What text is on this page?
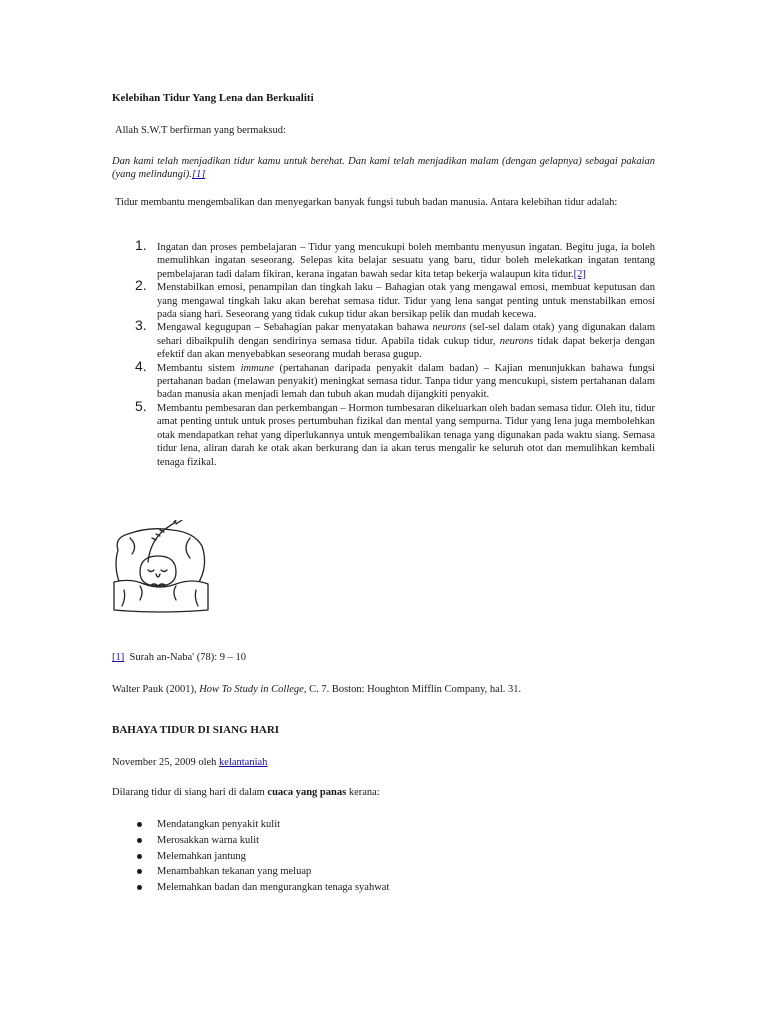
Kelebihan Tidur Yang Lena dan Berkualiti
Allah S.W.T berfirman yang bermaksud:
Dan kami telah menjadikan tidur kamu untuk berehat. Dan kami telah menjadikan malam (dengan gelapnya) sebagai pakaian (yang melindungi).[1]
Tidur membantu mengembalikan dan menyegarkan banyak fungsi tubuh badan manusia. Antara kelebihan tidur adalah:
1. Ingatan dan proses pembelajaran – Tidur yang mencukupi boleh membantu menyusun ingatan. Begitu juga, ia boleh memulihkan ingatan seseorang. Selepas kita belajar sesuatu yang baru, tidur boleh melekatkan ingatan tentang pembelajaran tadi dalam fikiran, kerana ingatan bawah sedar kita tetap bekerja walaupun kita tidur.[2]
2. Menstabilkan emosi, penampilan dan tingkah laku – Bahagian otak yang mengawal emosi, membuat keputusan dan yang mengawal tingkah laku akan berehat semasa tidur. Tidur yang lena sangat penting untuk menstabilkan emosi pada siang hari. Seseorang yang tidak cukup tidur akan bersikap pelik dan mudah kecewa.
3. Mengawal kegugupan – Sebahagian pakar menyatakan bahawa neurons (sel-sel dalam otak) yang digunakan dalam sehari dibaikpulih dengan sendirinya semasa tidur. Apabila tidak cukup tidur, neurons tidak dapat bekerja dengan efektif dan akan menyebabkan seseorang mudah berasa gugup.
4. Membantu sistem immune (pertahanan daripada penyakit dalam badan) – Kajian menunjukkan bahawa fungsi pertahanan badan (melawan penyakit) meningkat semasa tidur. Tanpa tidur yang mencukupi, sistem pertahanan dalam badan manusia akan menjadi lemah dan tubuh akan mudah dijangkiti penyakit.
5. Membantu pembesaran dan perkembangan – Hormon tumbesaran dikeluarkan oleh badan semasa tidur. Oleh itu, tidur amat penting untuk untuk proses pertumbuhan fizikal dan mental yang sempurna. Tidur yang lena juga membolehkan otak mendapatkan rehat yang diperlukannya untuk mengembalikan tenaga yang digunakan pada waktu siang. Semasa tidur lena, aliran darah ke otak akan berkurang dan ia akan terus mengalir ke seluruh otot dan memulihkan kembali tenaga fizikal.
[1] Surah an-Naba' (78): 9 – 10
Walter Pauk (2001), How To Study in College, C. 7. Boston: Houghton Mifflin Company, hal. 31.
BAHAYA TIDUR DI SIANG HARI
November 25, 2009 oleh kelantaniah
Dilarang tidur di siang hari di dalam cuaca yang panas kerana:
Mendatangkan penyakit kulit
Merosakkan warna kulit
Melemahkan jantung
Menambahkan tekanan yang meluap
Melemahkan badan dan mengurangkan tenaga syahwat
